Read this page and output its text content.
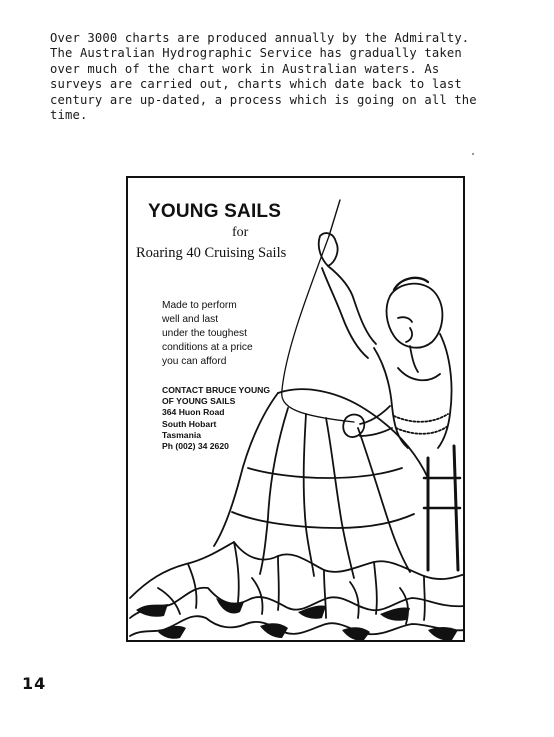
Over 3000 charts are produced annually by the Admiralty.
The Australian Hydrographic Service has gradually taken
over much of the chart work in Australian waters. As
surveys are carried out, charts which date back to last
century are up-dated, a process which is going on all the
time.
YOUNG SAILS
for
Roaring 40 Cruising Sails
Made to perform
well and last
under the toughest
conditions at a price
you can afford
CONTACT BRUCE YOUNG
OF YOUNG SAILS
364 Huon Road
South Hobart
Tasmania
Ph (002) 34 2620
14
